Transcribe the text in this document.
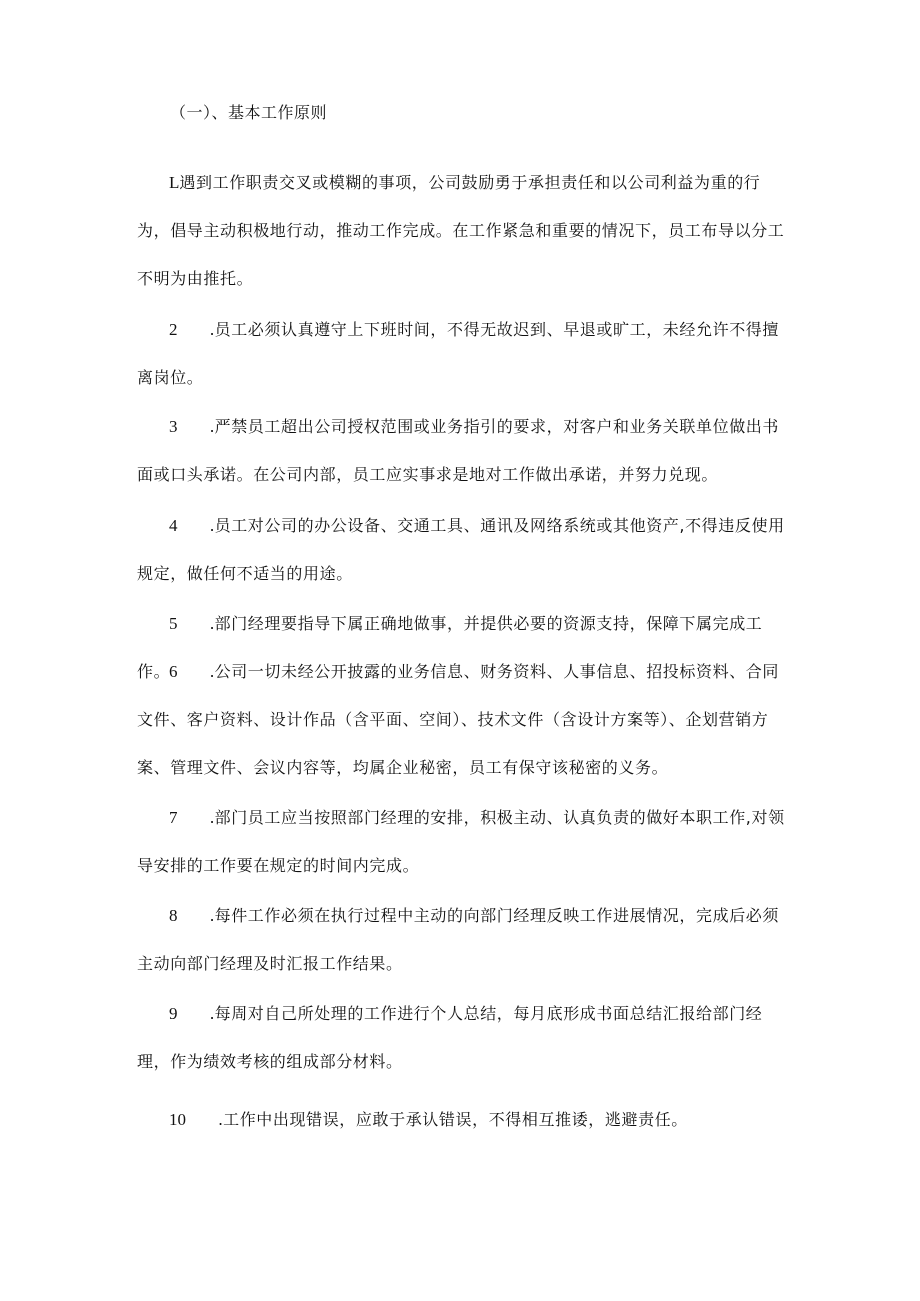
（一）、基本工作原则

L遇到工作职责交叉或模糊的事项，公司鼓励勇于承担责任和以公司利益为重的行为，倡导主动积极地行动，推动工作完成。在工作紧急和重要的情况下，员工布导以分工不明为由推托。

2.员工必须认真遵守上下班时间，不得无故迟到、早退或旷工，未经允许不得擅离岗位。

3.严禁员工超出公司授权范围或业务指引的要求，对客户和业务关联单位做出书面或口头承诺。在公司内部，员工应实事求是地对工作做出承诺，并努力兑现。

4.员工对公司的办公设备、交通工具、通讯及网络系统或其他资产,不得违反使用规定，做任何不适当的用途。

5.部门经理要指导下属正确地做事，并提供必要的资源支持，保障下属完成工作。

6.公司一切未经公开披露的业务信息、财务资料、人事信息、招投标资料、合同文件、客户资料、设计作品（含平面、空间）、技术文件（含设计方案等）、企划营销方案、管理文件、会议内容等，均属企业秘密，员工有保守该秘密的义务。

7.部门员工应当按照部门经理的安排，积极主动、认真负责的做好本职工作,对领导安排的工作要在规定的时间内完成。

8.每件工作必须在执行过程中主动的向部门经理反映工作进展情况，完成后必须主动向部门经理及时汇报工作结果。

9.每周对自己所处理的工作进行个人总结，每月底形成书面总结汇报给部门经理，作为绩效考核的组成部分材料。

10.工作中出现错误，应敢于承认错误，不得相互推诿，逃避责任。
